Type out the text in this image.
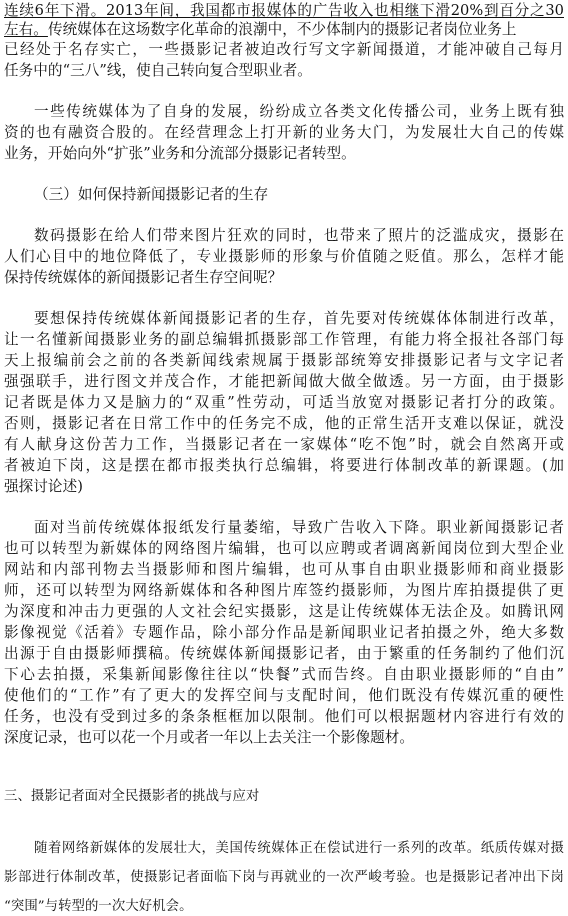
连续6年下滑。2013年间，我国都市报媒体的广告收入也相继下滑20%到百分之30
左右。传统媒体在这场数字化革命的浪潮中，不少体制内的摄影记者岗位业务上
已经处于名存实亡，一些摄影记者被迫改行写文字新闻摄道，才能冲破自己每月
任务中的“三八”线，使自己转向复合型职业者。
一些传统媒体为了自身的发展，纷纷成立各类文化传播公司，业务上既有独
资的也有融资合股的。在经营理念上打开新的业务大门，为发展壮大自己的传媒
业务，开始向外“扩张”业务和分流部分摄影记者转型。
（三）如何保持新闻摄影记者的生存
数码摄影在给人们带来图片狂欢的同时，也带来了照片的泛滥成灾，摄影在
人们心目中的地位降低了，专业摄影师的形象与价值随之贬值。那么，怎样才能
保持传统媒体的新闻摄影记者生存空间呢？
要想保持传统媒体新闻摄影记者的生存，首先要对传统媒体体制进行改革，
让一名懂新闻摄影业务的副总编辑抓摄影部工作管理，有能力将全报社各部门每
天上报编前会之前的各类新闻线索规属于摄影部统筹安排摄影记者与文字记者
强强联手，进行图文并茂合作，才能把新闻做大做全做透。另一方面，由于摄影
记者既是体力又是脑力的“双重”性劳动，可适当放宽对摄影记者打分的政策。
否则，摄影记者在日常工作中的任务完不成，他的正常生活开支难以保证，就没
有人献身这份苦力工作，当摄影记者在一家媒体“吃不饱”时，就会自然离开或
者被迫下岗，这是摆在都市报类执行总编辑，将要进行体制改革的新课题。(加
强探讨论述)
面对当前传统媒体报纸发行量萎缩，导致广告收入下降。职业新闻摄影记者
也可以转型为新媒体的网络图片编辑，也可以应聘或者调离新闻岗位到大型企业
网站和内部刊物去当摄影师和图片编辑，也可从事自由职业摄影师和商业摄影
师，还可以转型为网络新媒体和各种图片库签约摄影师，为图片库拍摄提供了更
为深度和冲击力更强的人文社会纪实摄影，这是让传统媒体无法企及。如腾讯网
影像视觉《活着》专题作品，除小部分作品是新闻职业记者拍摄之外，绝大多数
出源于自由摄影师撰稿。传统媒体新闻摄影记者，由于繁重的任务制约了他们沉
下心去拍摄，采集新闻影像往往以“快餐”式而告终。自由职业摄影师的“自由”
使他们的“工作”有了更大的发挥空间与支配时间，他们既没有传媒沉重的硬性
任务，也没有受到过多的条条框框加以限制。他们可以根据题材内容进行有效的
深度记录，也可以花一个月或者一年以上去关注一个影像题材。
三、摄影记者面对全民摄影者的挑战与应对
随着网络新媒体的发展壮大，美国传统媒体正在偿试进行一系列的改革。纸质传媒对摄
影部进行体制改革，使摄影记者面临下岗与再就业的一次严峻考验。也是摄影记者冲出下岗
“突围”与转型的一次大好机会。
